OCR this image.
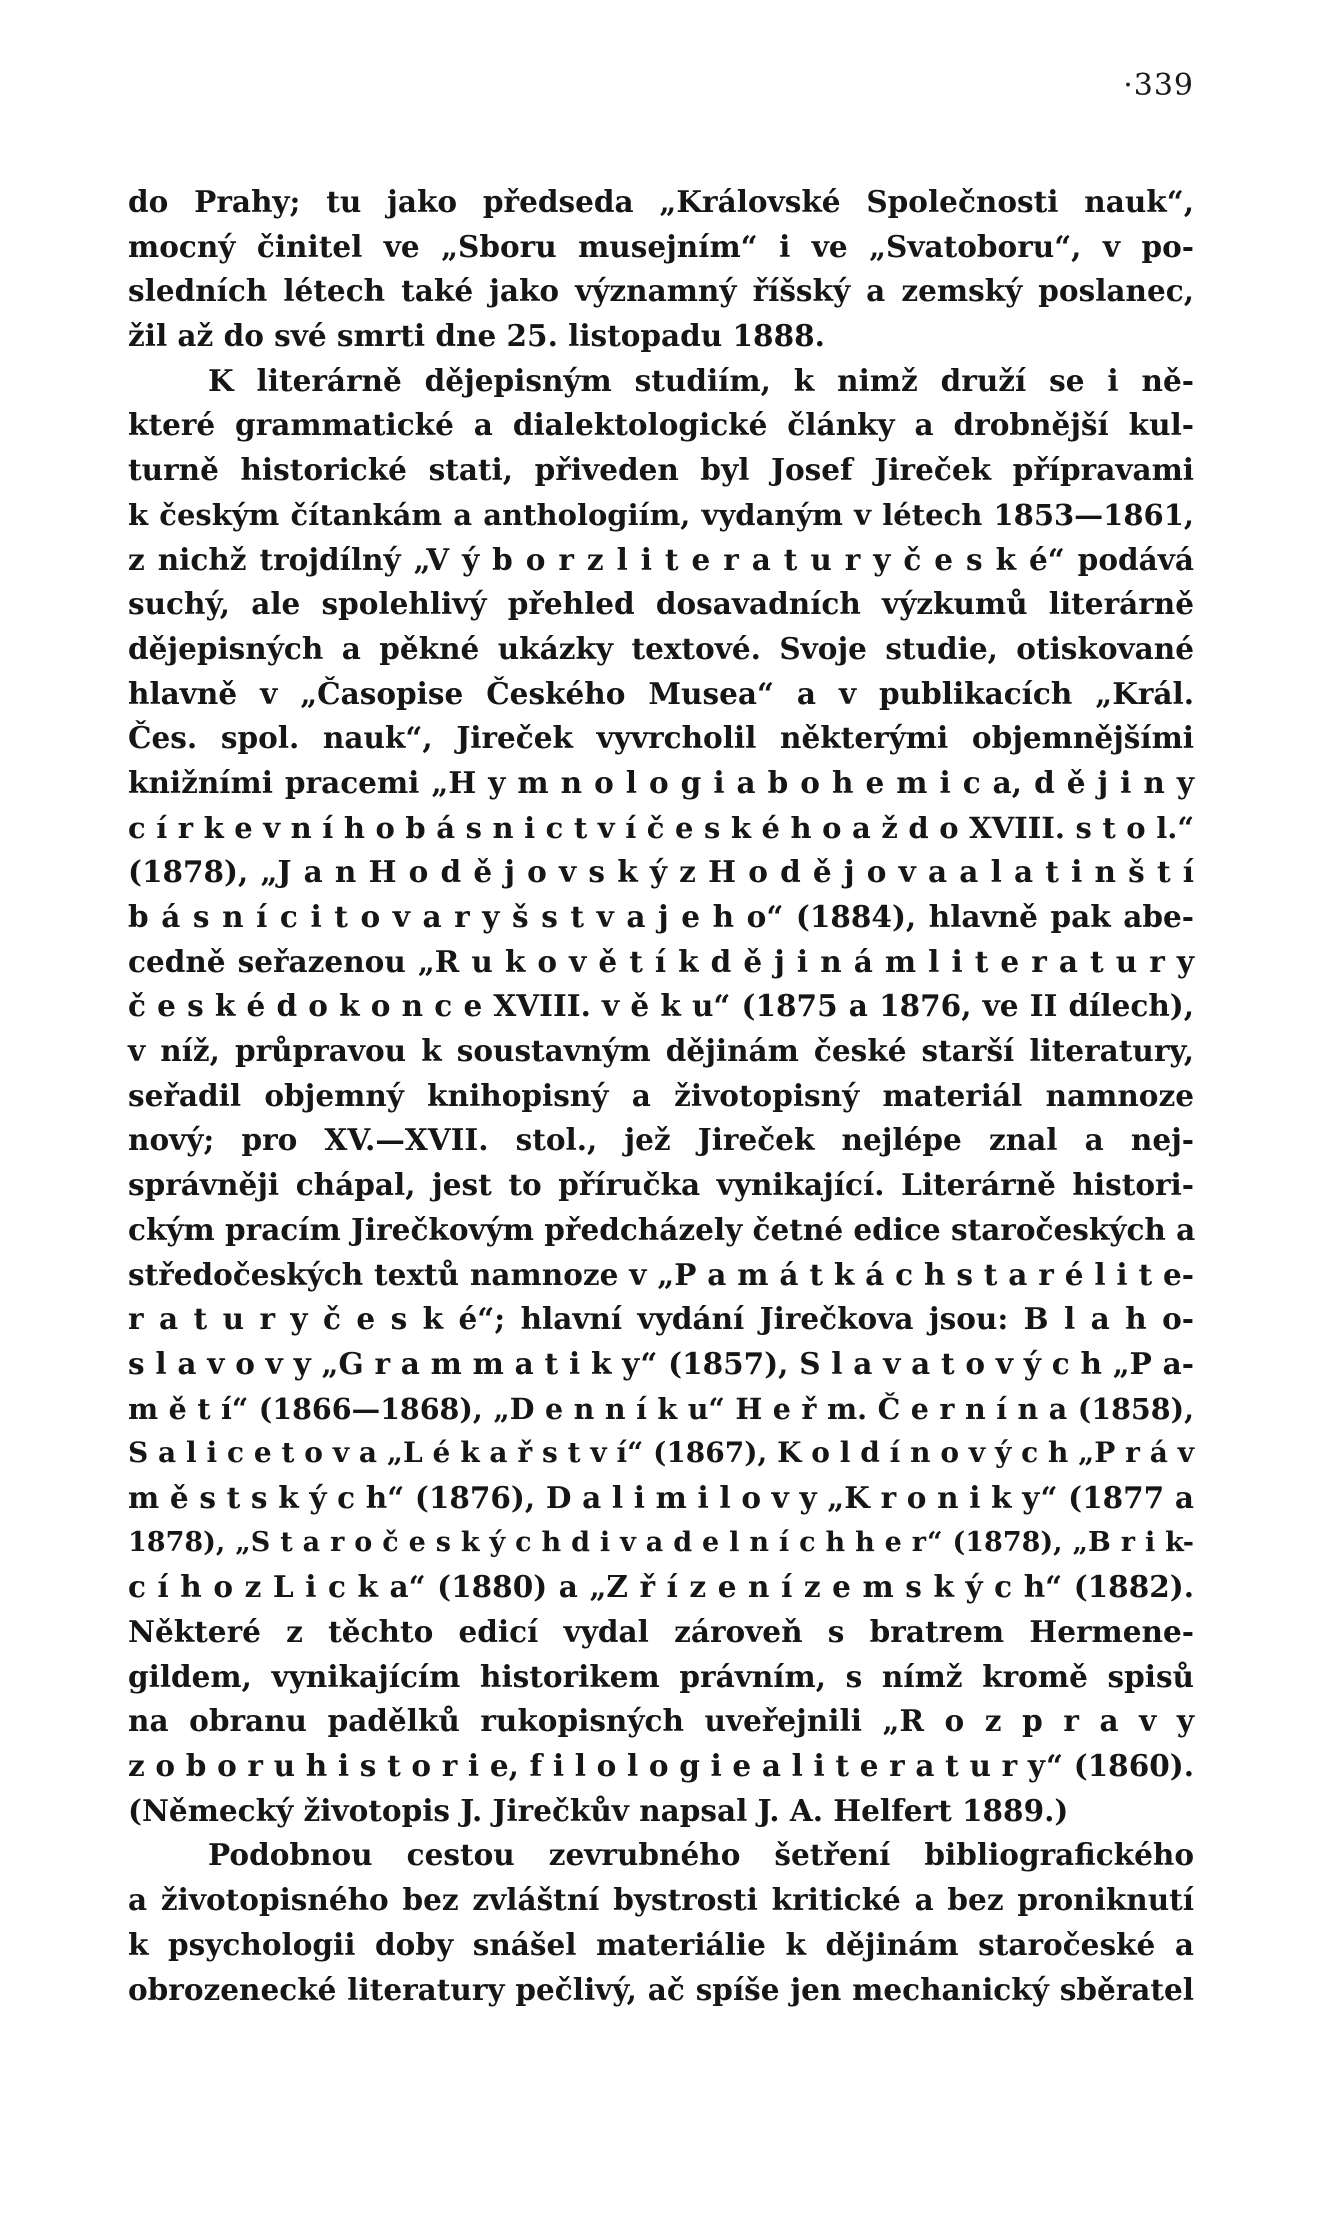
·339
do Prahy; tu jako předseda „Královské Společnosti nauk“,
mocný činitel ve „Sboru musejním“ i ve „Svatoboru“, v po-
sledních létech také jako významný říšský a zemský poslanec,
žil až do své smrti dne 25. listopadu 1888.
K literárně dějepisným studiím, k nimž druží se i ně-
které grammatické a dialektologické články a drobnější kul-
turně historické stati, přiveden byl Josef Jireček přípravami
k českým čítankám a anthologiím, vydaným v létech 1853—1861,
z nichž trojdílný „V ý b o r z l i t e r a t u r y č e s k é“ podává
suchý, ale spolehlivý přehled dosavadních výzkumů literárně
dějepisných a pěkné ukázky textové. Svoje studie, otiskované
hlavně v „Časopise Českého Musea“ a v publikacích „Král.
Čes. spol. nauk“, Jireček vyvrcholil některými objemnějšími
knižními pracemi „H y m n o l o g i a b o h e m i c a, d ě j i n y
c í r k e v n í h o b á s n i c t v í č e s k é h o a ž d o XVIII. s t o l.“
(1878), „J a n H o d ě j o v s k ý z H o d ě j o v a a l a t i n š t í
b á s n í c i t o v a r y š s t v a j e h o“ (1884), hlavně pak abe-
cedně seřazenou „R u k o v ě t í k d ě j i n á m l i t e r a t u r y
č e s k é d o k o n c e XVIII. v ě k u“ (1875 a 1876, ve II dílech),
v níž, průpravou k soustavným dějinám české starší literatury,
seřadil objemný knihopisný a životopisný materiál namnoze
nový; pro XV.—XVII. stol., jež Jireček nejlépe znal a nej-
správněji chápal, jest to příručka vynikající. Literárně histori-
ckým pracím Jirečkovým předcházely četné edice staročeských a
středočeských textů namnoze v „P a m á t k á c h s t a r é l i t e-
r a t u r y č e s k é“; hlavní vydání Jirečkova jsou: B l a h o-
s l a v o v y „G r a m m a t i k y“ (1857), S l a v a t o v ý c h „P a-
m ě t í“ (1866—1868), „D e n n í k u“ H e ř m. Č e r n í n a (1858),
S a l i c e t o v a „L é k a ř s t v í“ (1867), K o l d í n o v ý c h „P r á v
m ě s t s k ý c h“ (1876), D a l i m i l o v y „K r o n i k y“ (1877 a
1878), „S t a r o č e s k ý c h d i v a d e l n í c h h e r“ (1878), „B r i k-
c í h o z L i c k a“ (1880) a „Z ř í z e n í z e m s k ý c h“ (1882).
Některé z těchto edicí vydal zároveň s bratrem Hermene-
gildem, vynikajícím historikem právním, s nímž kromě spisů
na obranu padělků rukopisných uveřejnili „R o z p r a v y
z o b o r u h i s t o r i e, f i l o l o g i e a l i t e r a t u r y“ (1860).
(Německý životopis J. Jirečkův napsal J. A. Helfert 1889.)
Podobnou cestou zevrubného šetření bibliografického
a životopisného bez zvláštní bystrosti kritické a bez proniknutí
k psychologii doby snášel materiálie k dějinám staročeské a
obrozenecké literatury pečlivý, ač spíše jen mechanický sběratel
